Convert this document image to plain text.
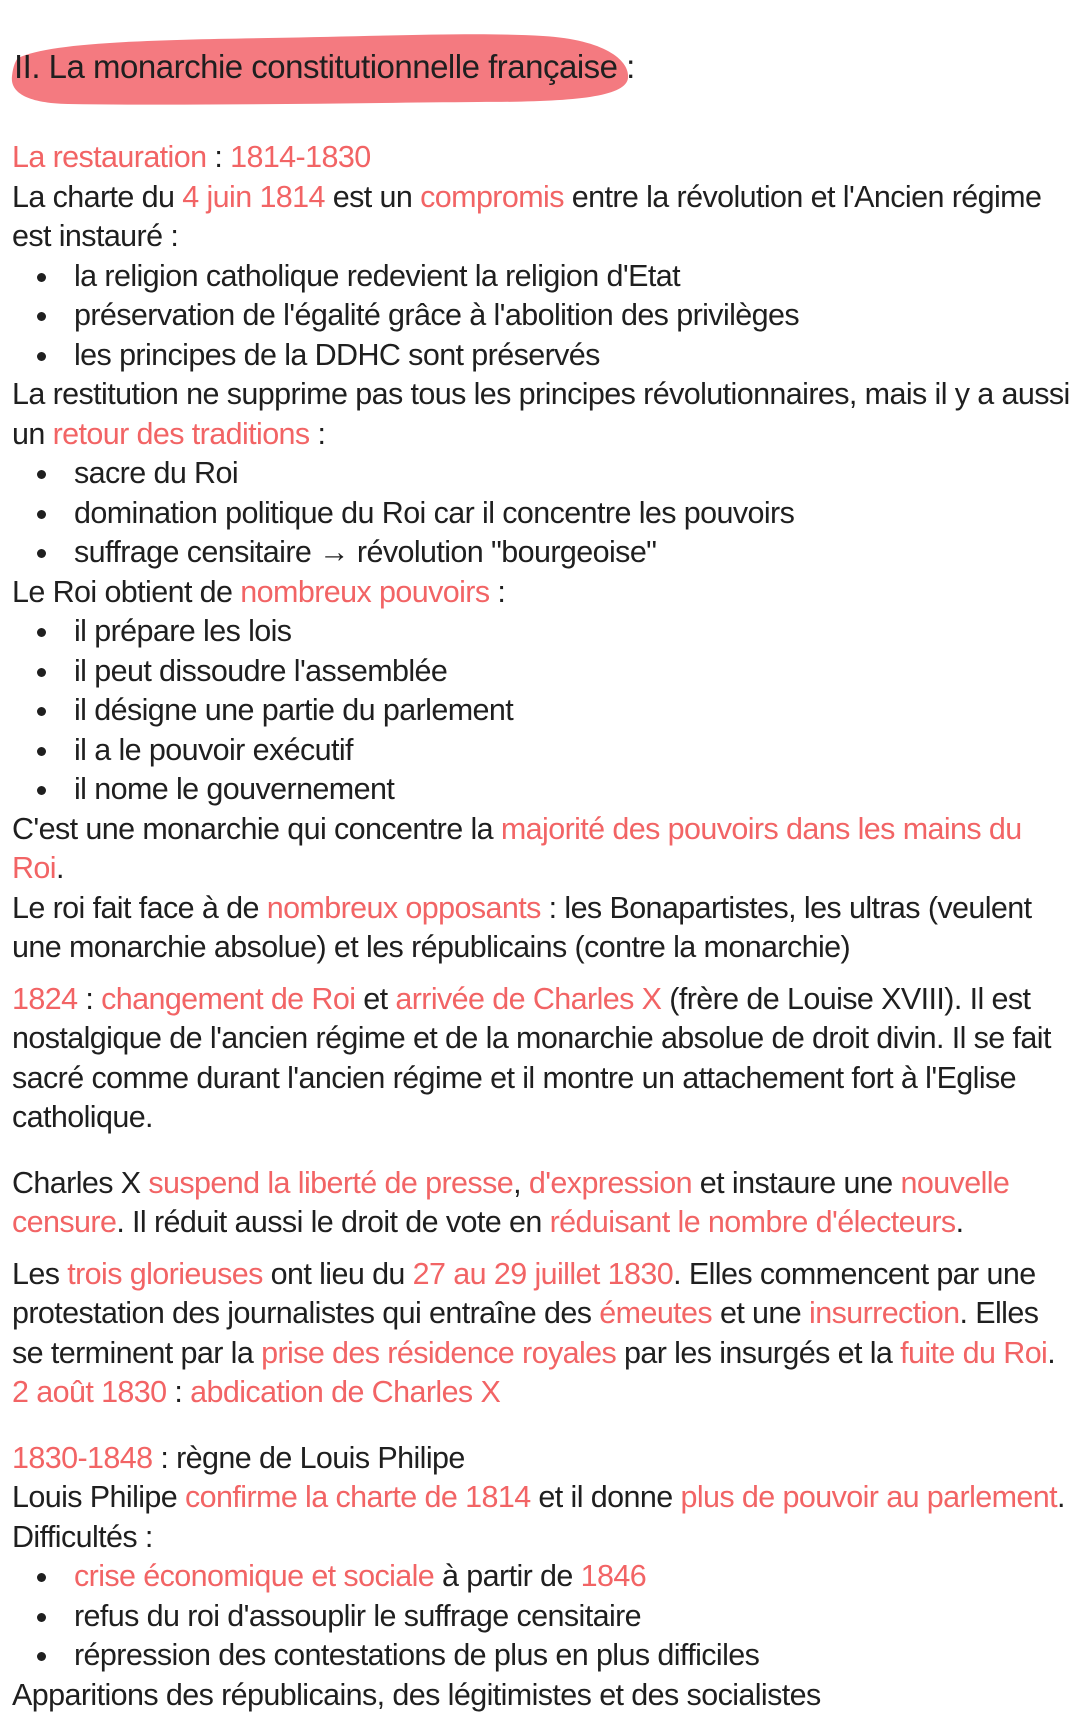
II. La monarchie constitutionnelle française :

La restauration : 1814-1830

La charte du 4 juin 1814 est un compromis entre la révolution et l'Ancien régime est instauré :

la religion catholique redevient la religion d'Etat
préservation de l'égalité grâce à l'abolition des privilèges
les principes de la DDHC sont préservés

La restitution ne supprime pas tous les principes révolutionnaires, mais il y a aussi un retour des traditions :

sacre du Roi
domination politique du Roi car il concentre les pouvoirs
suffrage censitaire → révolution "bourgeoise"

Le Roi obtient de nombreux pouvoirs :

il prépare les lois
il peut dissoudre l'assemblée
il désigne une partie du parlement
il a le pouvoir exécutif
il nome le gouvernement

C'est une monarchie qui concentre la majorité des pouvoirs dans les mains du Roi.

Le roi fait face à de nombreux opposants : les Bonapartistes, les ultras (veulent une monarchie absolue) et les républicains (contre la monarchie)

1824 : changement de Roi et arrivée de Charles X (frère de Louise XVIII). Il est nostalgique de l'ancien régime et de la monarchie absolue de droit divin. Il se fait sacré comme durant l'ancien régime et il montre un attachement fort à l'Eglise catholique.

Charles X suspend la liberté de presse, d'expression et instaure une nouvelle censure. Il réduit aussi le droit de vote en réduisant le nombre d'électeurs.

Les trois glorieuses ont lieu du 27 au 29 juillet 1830. Elles commencent par une protestation des journalistes qui entraîne des émeutes et une insurrection. Elles se terminent par la prise des résidence royales par les insurgés et la fuite du Roi.

2 août 1830 : abdication de Charles X

1830-1848 : règne de Louis Philipe

Louis Philipe confirme la charte de 1814 et il donne plus de pouvoir au parlement.

Difficultés :

crise économique et sociale à partir de 1846
refus du roi d'assouplir le suffrage censitaire
répression des contestations de plus en plus difficiles

Apparitions des républicains, des légitimistes et des socialistes
